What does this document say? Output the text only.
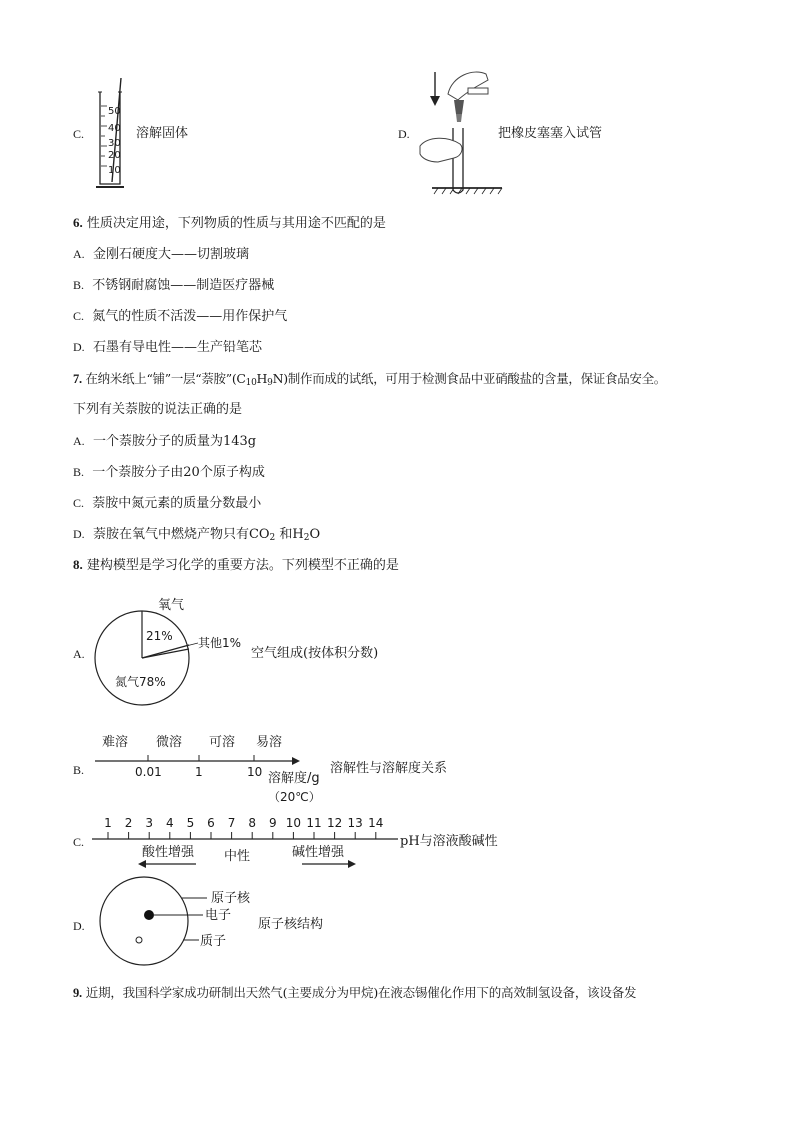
C.
50
40
30
20
10
溶解固体	D.	把橡皮塞塞入试管
6. 性质决定用途，下列物质的性质与其用途不匹配的是
A. 金刚石硬度大——切割玻璃
B. 不锈钢耐腐蚀——制造医疗器械
C. 氮气的性质不活泼——用作保护气
D. 石墨有导电性——生产铅笔芯
7. 在纳米纸上“铺”一层“萘胺$”(C_{10}H_9N)$制作而成的试纸，可用于检测食品中亚硝酸盐的含量，保证食品安全。
下列有关萘胺的说法正确的是
A. 一个萘胺分子的质量为143g
B. 一个萘胺分子由20个原子构成
C. 萘胺中氮元素的质量分数最小
D. 萘胺在氧气中燃烧产物只有$CO_2$ 和$H_2O$
8. 建构模型是学习化学的重要方法。下列模型不正确的是
A.
氧气
21% 其他1%
氮气78%
空气组成(按体积分数)
B.
难溶 微溶 可溶 易溶
0.01	1	10 溶解度/g
（20℃）
溶解性与溶解度关系
C.
1 2 3 4 5 6 7 8 9 10 11 12 13 14
酸性增强 中性	碱性增强
pH与溶液酸碱性
D.
原子核
电子
质子
原子核结构
9. 近期，我国科学家成功研制出天然气(主要成分为甲烷)在液态锡催化作用下的高效制氢设备，该设备发
